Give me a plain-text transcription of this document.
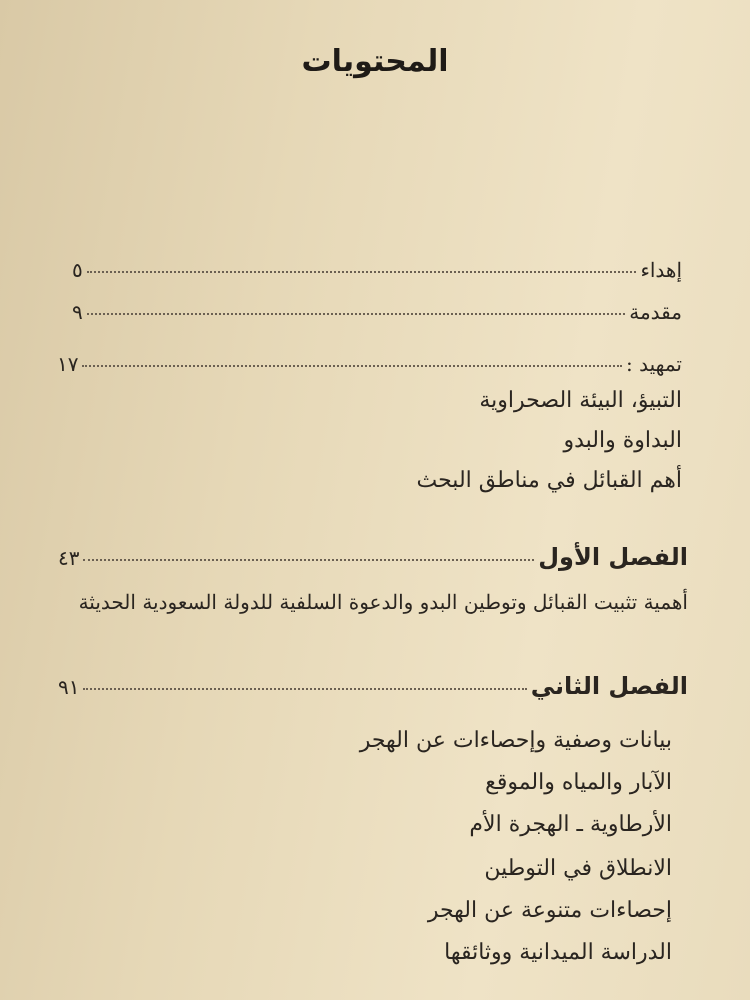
المحتويات
إهداء
٥
مقدمة
٩
تمهيد :
١٧
التبيؤ، البيئة الصحراوية
البداوة والبدو
أهم القبائل في مناطق البحث
الفصل الأول
٤٣
أهمية تثبيت القبائل وتوطين البدو والدعوة السلفية للدولة السعودية الحديثة
الفصل الثاني
٩١
بيانات وصفية وإحصاءات عن الهجر
الآبار والمياه والموقع
الأرطاوية ـ الهجرة الأم
الانطلاق في التوطين
إحصاءات متنوعة عن الهجر
الدراسة الميدانية ووثائقها
